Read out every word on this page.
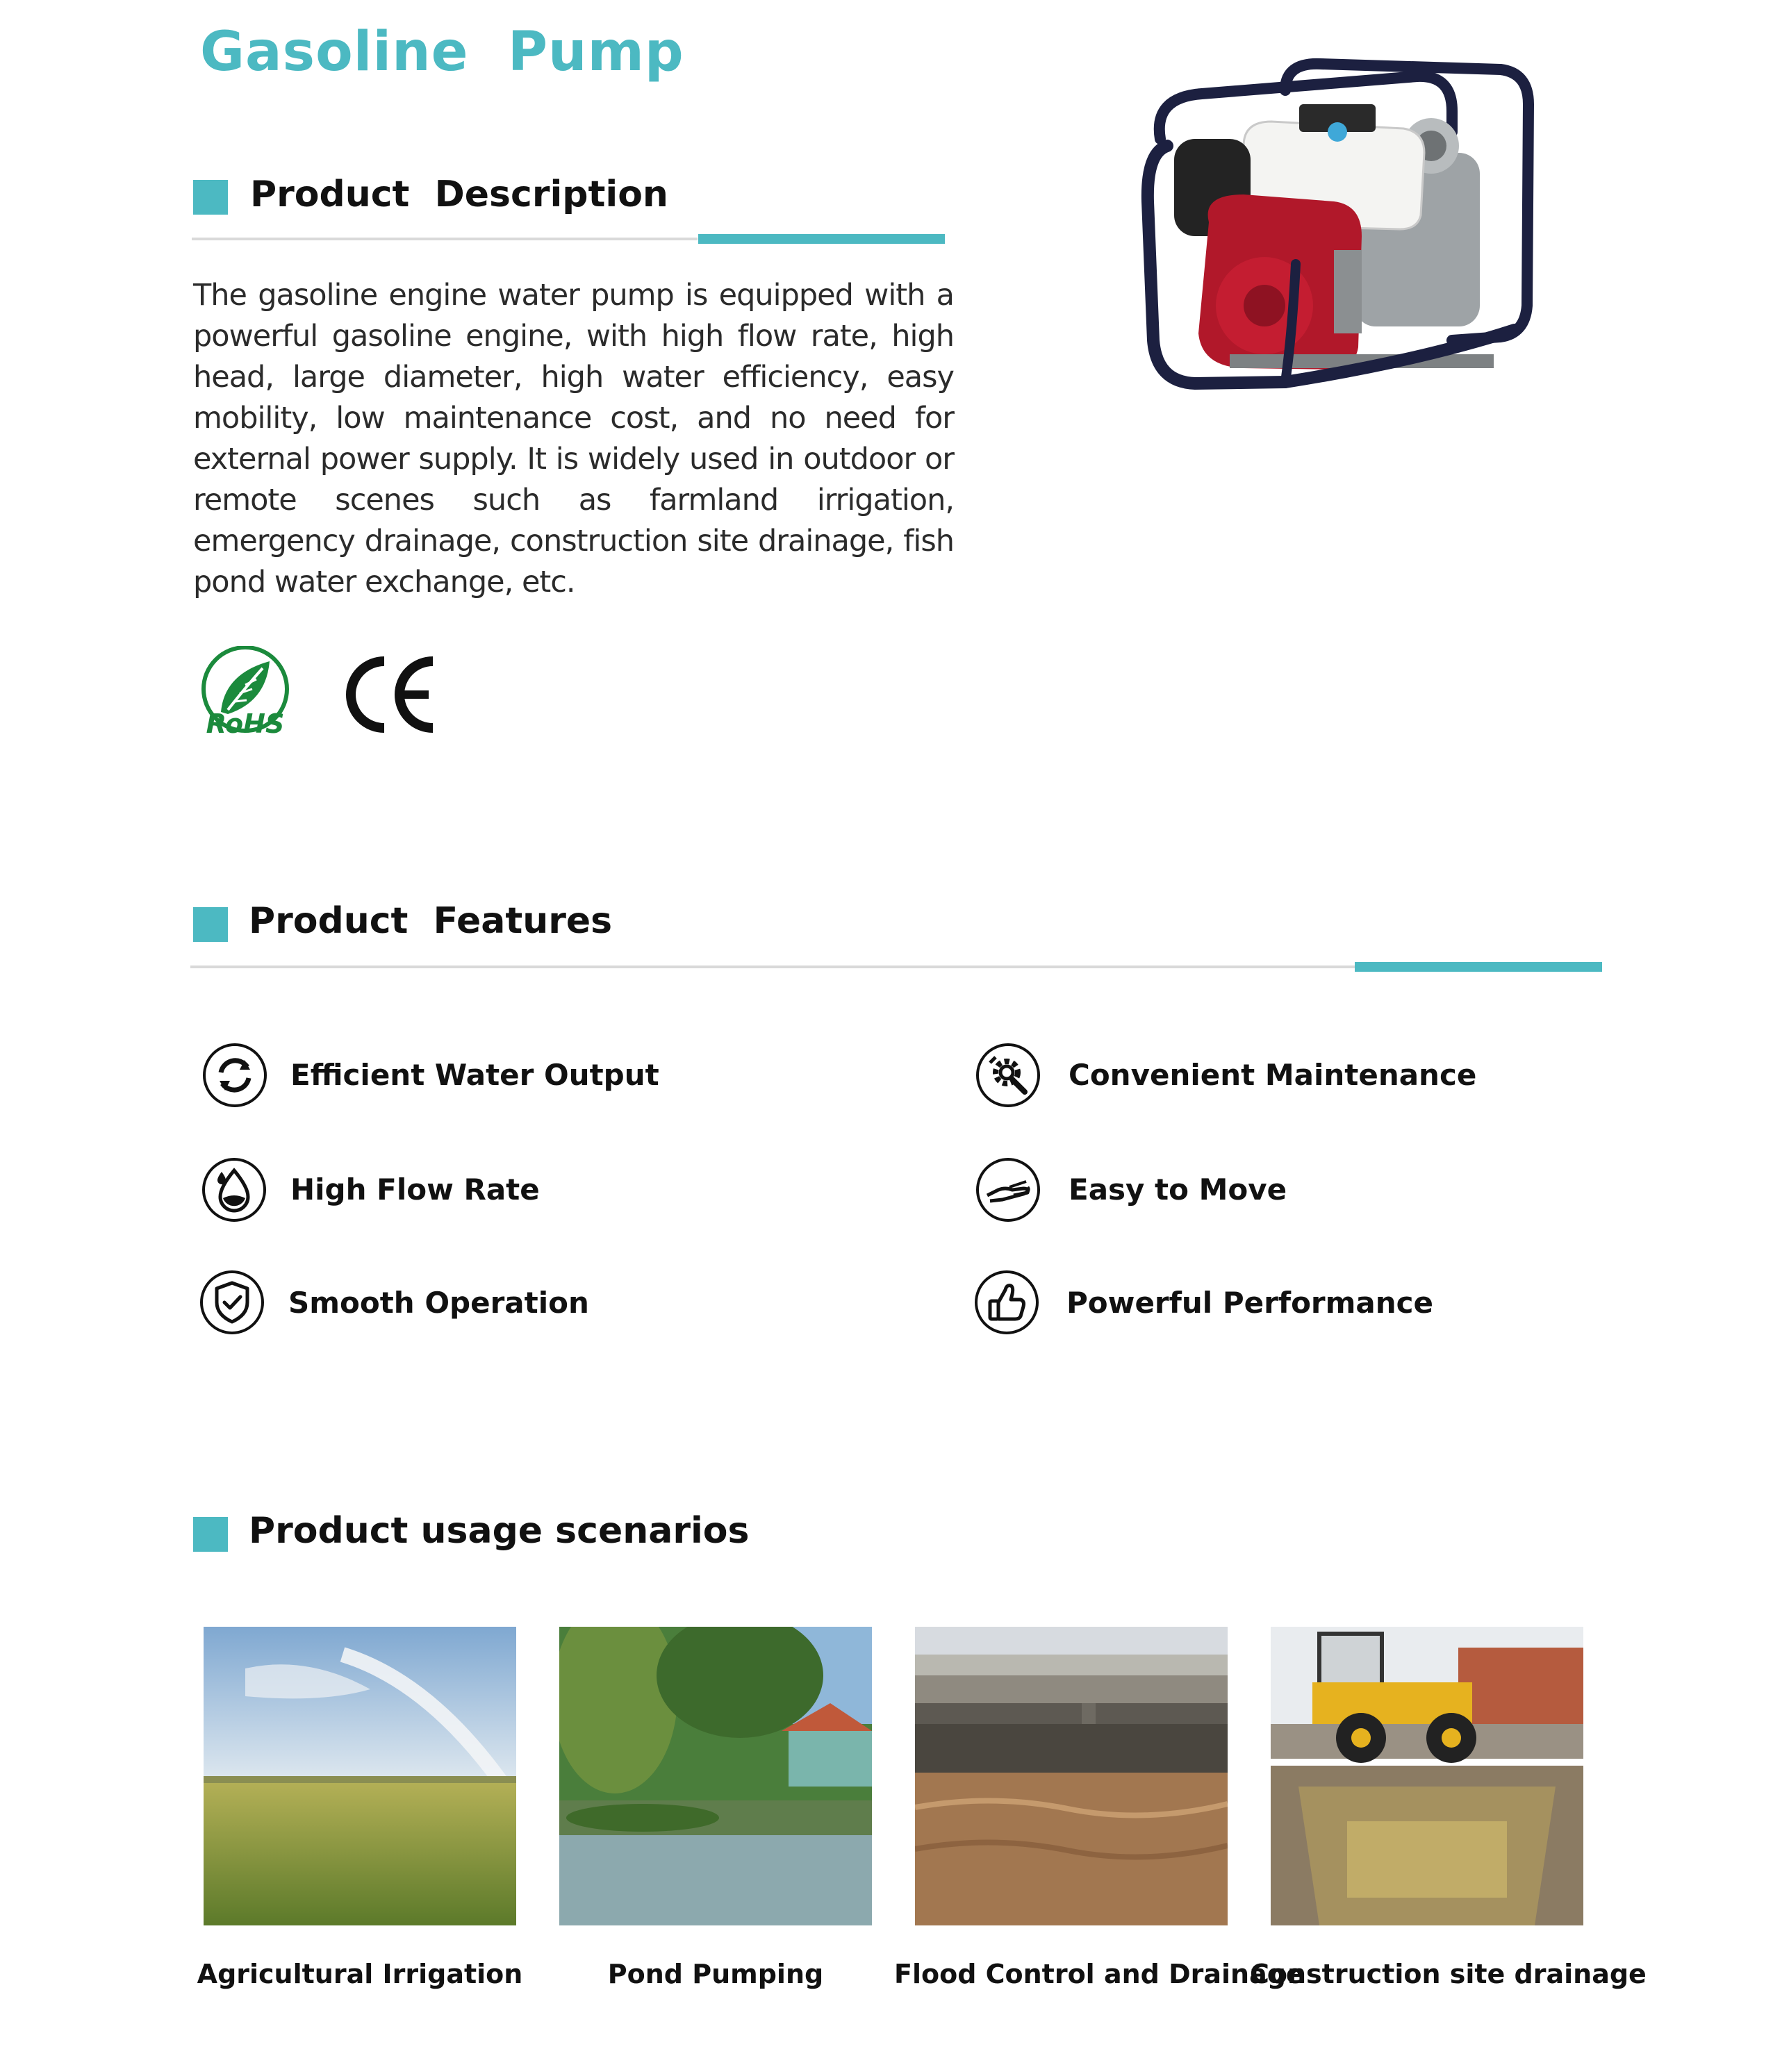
Gasoline  Pump
Product  Description
The gasoline engine water pump is equipped with a powerful gasoline engine, with high flow rate, high head, large diameter, high water efficiency, easy mobility, low maintenance cost, and no need for external power supply. It is widely used in outdoor or remote scenes such as farmland irrigation, emergency drainage, construction site drainage, fish pond water exchange, etc.
RoHS
Product  Features
Efficient Water Output	Convenient Maintenance
High Flow Rate	Easy to Move
Smooth Operation	Powerful Performance
Product usage scenarios
Agricultural Irrigation	Pond Pumping	Flood Control and Drainage
Construction site drainage
